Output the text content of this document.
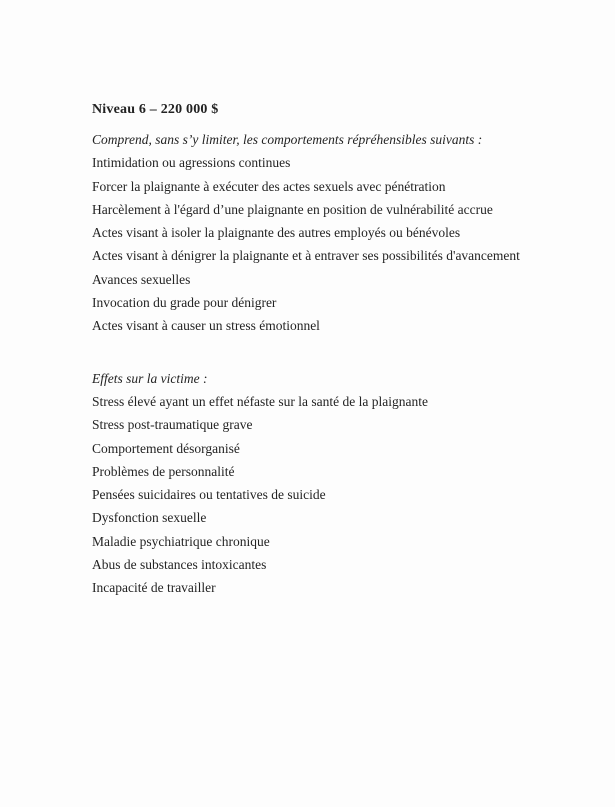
Niveau 6 – 220 000 $

Comprend, sans s’y limiter, les comportements répréhensibles suivants :

Intimidation ou agressions continues

Forcer la plaignante à exécuter des actes sexuels avec pénétration

Harcèlement à l'égard d’une plaignante en position de vulnérabilité accrue

Actes visant à isoler la plaignante des autres employés ou bénévoles

Actes visant à dénigrer la plaignante et à entraver ses possibilités d'avancement

Avances sexuelles

Invocation du grade pour dénigrer

Actes visant à causer un stress émotionnel

Effets sur la victime :

Stress élevé ayant un effet néfaste sur la santé de la plaignante

Stress post-traumatique grave

Comportement désorganisé

Problèmes de personnalité

Pensées suicidaires ou tentatives de suicide

Dysfonction sexuelle

Maladie psychiatrique chronique

Abus de substances intoxicantes

Incapacité de travailler
